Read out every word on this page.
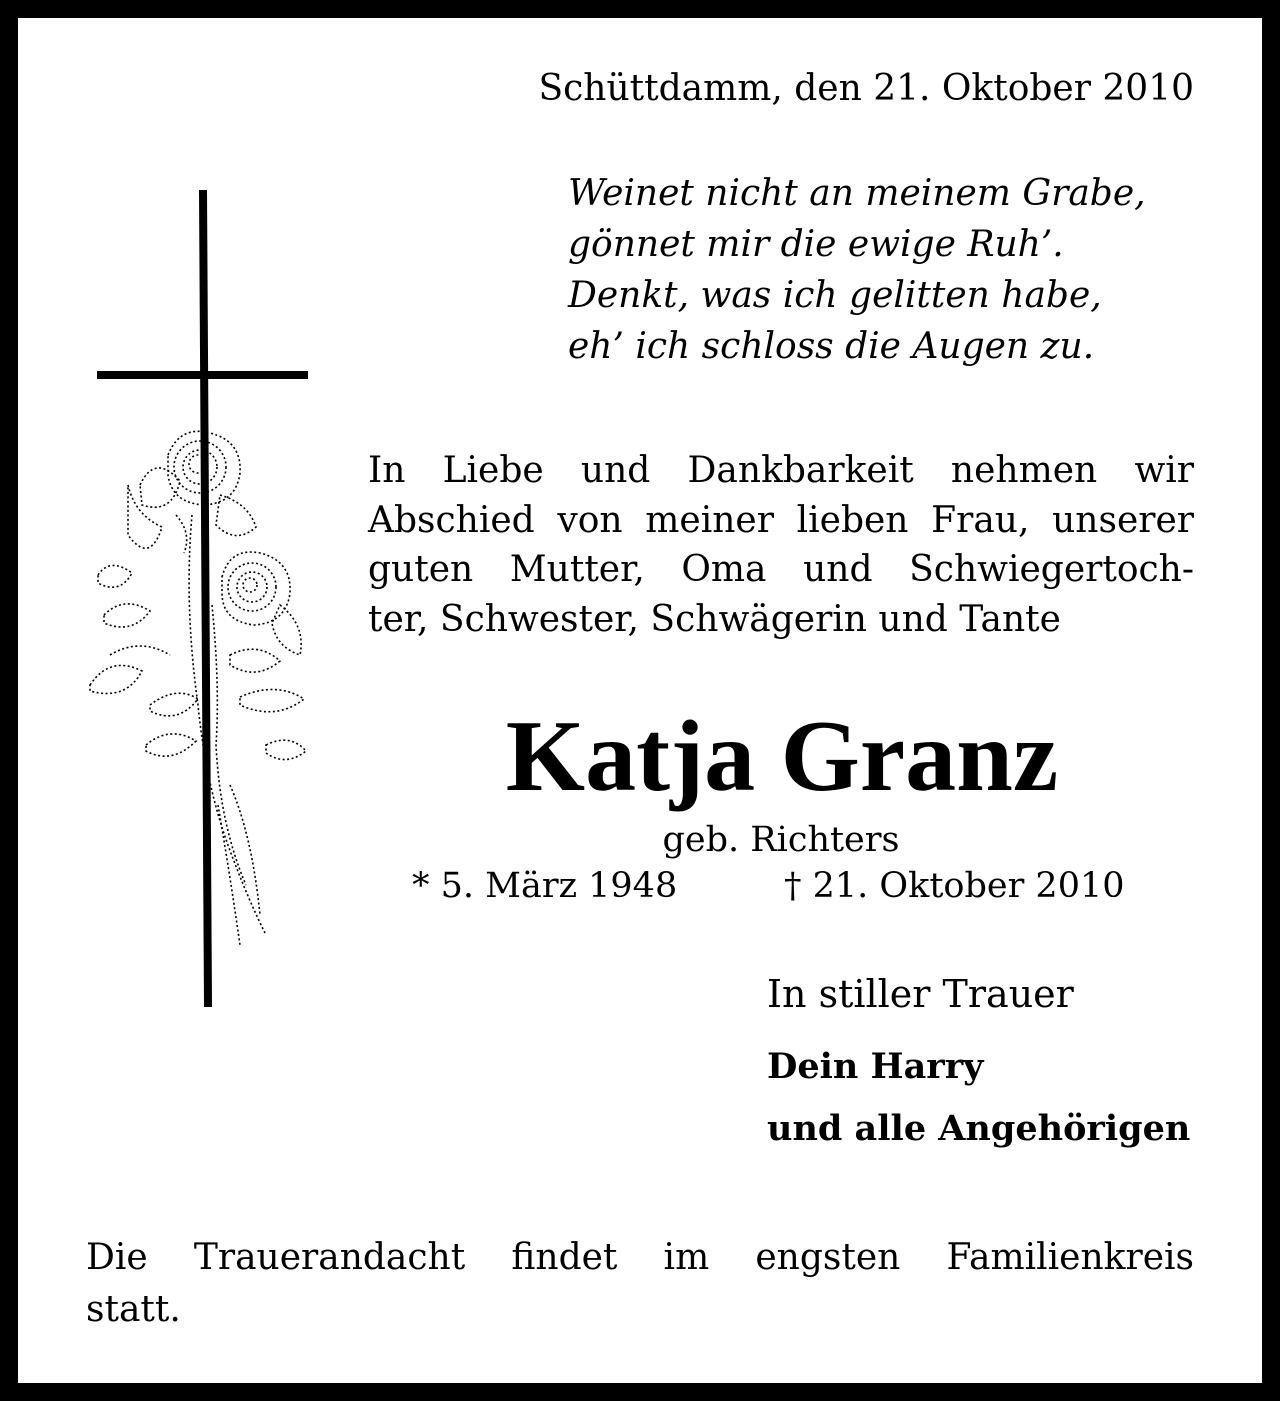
Schüttdamm, den 21. Oktober 2010
Weinet nicht an meinem Grabe,
gönnet mir die ewige Ruh’.
Denkt, was ich gelitten habe,
eh’ ich schloss die Augen zu.
In Liebe und Dankbarkeit nehmen wir
Abschied von meiner lieben Frau, unserer
guten Mutter, Oma und Schwiegertoch-
ter, Schwester, Schwägerin und Tante
Katja Granz
geb. Richters
* 5. März 1948	† 21. Oktober 2010
In stiller Trauer
Dein Harry
und alle Angehörigen
Die Trauerandacht findet im engsten Familienkreis
statt.
